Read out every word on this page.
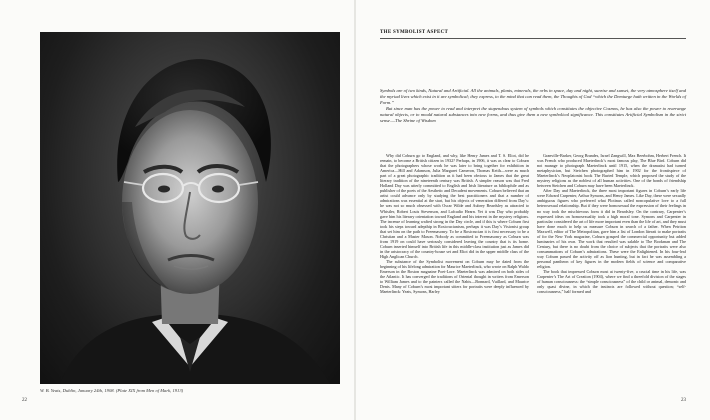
W. B. Yeats, Dublin, January 24th, 1908. (Plate XIX from Men of Mark, 1913)
22
THE SYMBOLIST ASPECT

Symbols are of two kinds, Natural and Artificial. All the animals, plants, minerals, the orbs in space, day and night, sunrise and sunset, the very atmosphere itself and the myriad lives which exist in it are symbolical; they express, to the mind that can read them, the Thoughts of God “which the Demiurge hath written in the Worlds of Form.”

But since man has the power to read and interpret the stupendous system of symbols which constitutes the objective Cosmos, he has also the power to rearrange natural objects, or to mould natural substances into new forms, and thus give them a new symbolical significance. This constitutes Artificial Symbolism in the strict sense.—The Shrine of Wisdom

Why did Coburn go to England, and why, like Henry James and T. S. Eliot, did he remain, to become a British citizen in 1932? Perhaps, in 1906, it was as clear to Coburn that the photographers whose work he was later to bring together for exhibition in America—Hill and Adamson, Julia Margaret Cameron, Thomas Keith—were as much part of a great photographic tradition as it had been obvious to James that the great literary tradition of the nineteenth century was British. A simpler reason was that Fred Holland Day was utterly committed to English and Irish literature as bibliophile and as publisher of the poets of the Aesthetic and Decadent movements. Coburn believed that an artist could advance only by studying the best practitioners and that a number of admirations was essential at the start, but his objects of veneration differed from Day’s: he was not so much obsessed with Oscar Wilde and Aubrey Beardsley as attracted to Whistler, Robert Louis Stevenson, and Lafcadio Hearn. Yet it was Day who probably gave him his literary orientation toward England and his interest in the mystery religions. The incense of learning wafted strong in the Day circle, and if this is where Coburn first took his steps toward adepthip in Rosicrucianism, perhaps it was Day’s Visionist group that set him on the path to Freemasonry. To be a Rosicrucian it is first necessary to be a Christian and a Master Mason. Nobody as committed to Freemasonry as Coburn was from 1919 on could have seriously considered leaving the country that is its home. Coburn inserted himself into British life in this middle-class institution just as James did in the aristocracy of the country-house set and Eliot did in the upper middle class of the High Anglican Church.

The substance of the Symbolist movement on Coburn may be dated from the beginning of his lifelong admiration for Maurice Maeterlinck, who wrote on Ralph Waldo Emerson in the Boston magazine Poet-Lore. Maeterlinck was admired on both sides of the Atlantic. It has converged the traditions of Oriental thought in writers from Emerson to William James and to the painters called the Nabis—Bonnard, Vuillard, and Maurice Denis. Many of Coburn’s most important sitters for portraits were deeply influenced by Maeterlinck: Yeats, Symons, Harley

Granville-Barker, Georg Brandes, Israel Zangwill, Max Beerbohm, Herbert French. It was French who produced Maeterlinck’s most famous play, The Blue Bird. Coburn did not manage to photograph Maeterlinck until 1915, when the dramatist had turned metaphysician, but Steichen photographed him in 1902 for the frontispiece of Maeterlinck’s Neoplatonist book The Buried Temple, which proposed the study of the mystery religions as the noblest of all human activities. One of the bonds of friendship between Steichen and Coburn may have been Maeterlinck.

After Day and Maeterlinck, the three most important figures in Coburn’s early life were Edward Carpenter, Arthur Symons, and Henry James. Like Day, these were sexually ambiguous figures who preferred what Plotinus called noncopulative love to a full heterosexual relationship. But if they were homosexual the expression of their feelings in no way took the mischievous form it did in Beardsley. On the contrary, Carpenter’s expressed ideas on homosexuality took a high moral tone. Symons and Carpenter in particular considered the art of life more important even than the life of art, and they must have done much to help us measure Coburn in search of a father. When Petriton Maxwell, editor of The Metropolitan, gave him a list of London literati to make portraits of for the New York magazine, Coburn grasped the commercial opportunity but added luminaries of his own. The work that resulted was salable to The Bookman and The Century, but there is no doubt from the choice of subjects that the portraits were also consummations of Coburn’s admirations. These were the Enlightened. In his four-leaf way Coburn passed the activity off as lion hunting, but in fact he was assembling a personal pantheon of key figures in the modern fields of science and comparative religion.

The book that impressed Coburn most at twenty-five, a crucial time in his life, was Carpenter’s The Art of Creation (1904), where we find a threefold division of the stages of human consciousness: the “simple consciousness” of the child or animal, demonic and only quasi divine, in which the instincts are followed without question; “self-consciousness,” half formed and

23
